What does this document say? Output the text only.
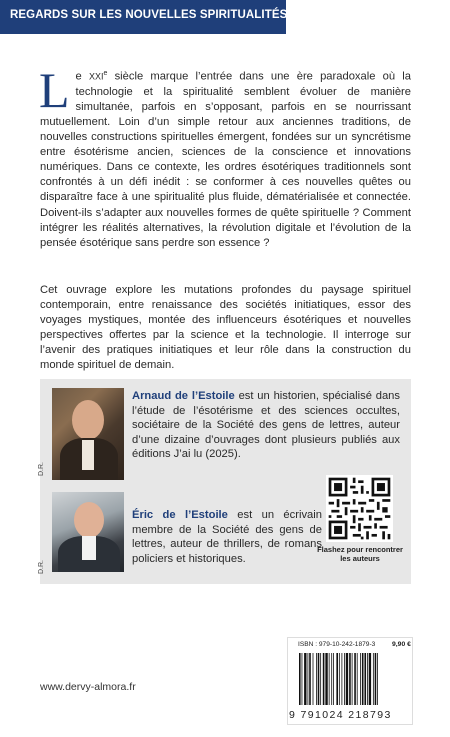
REGARDS SUR LES NOUVELLES SPIRITUALITÉS
Le XXIe siècle marque l’entrée dans une ère paradoxale où la technologie et la spiritualité semblent évoluer de manière simultanée, parfois en s’opposant, parfois en se nourrissant mutuellement. Loin d’un simple retour aux anciennes traditions, de nouvelles constructions spirituelles émergent, fondées sur un syncrétisme entre ésotérisme ancien, sciences de la conscience et innovations numériques. Dans ce contexte, les ordres ésotériques traditionnels sont confrontés à un défi inédit : se conformer à ces nouvelles quêtes ou disparaître face à une spiritualité plus fluide, dématérialisée et connectée. Doivent-ils s’adapter aux nouvelles formes de quête spirituelle ? Comment intégrer les réalités alternatives, la révolution digitale et l’évolution de la pensée ésotérique sans perdre son essence ?

Cet ouvrage explore les mutations profondes du paysage spirituel contemporain, entre renaissance des sociétés initiatiques, essor des voyages mystiques, montée des influenceurs ésotériques et nouvelles perspectives offertes par la science et la technologie. Il interroge sur l’avenir des pratiques initiatiques et leur rôle dans la construction du monde spirituel de demain.

D.R.
D.R.
Arnaud de l’Estoile est un historien, spécialisé dans l’étude de l’ésotérisme et des sciences occultes, sociétaire de la Société des gens de lettres, auteur d’une dizaine d’ouvrages dont plusieurs publiés aux éditions J’ai lu (2025).
Éric de l’Estoile est un écrivain membre de la Société des gens de lettres, auteur de thrillers, de romans policiers et historiques.
Flashez pour rencontrer les auteurs
ISBN : 979-10-242-1879-3 9,90 €
9 791024 218793
www.dervy-almora.fr
